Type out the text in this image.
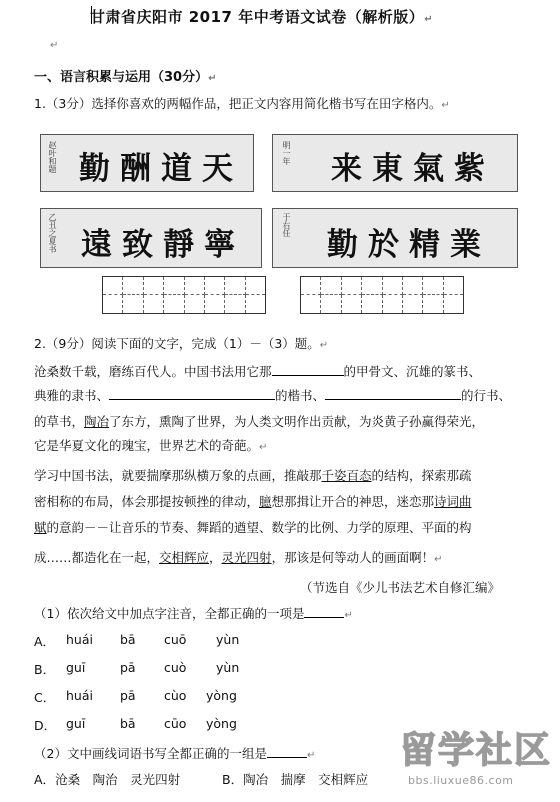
甘肃省庆阳市 2017 年中考语文试卷（解析版）↵
↵
一、语言积累与运用（30分）↵
1.（3分）选择你喜欢的两幅作品，把正文内容用简化楷书写在田字格内。↵
赵叶和题 勤酬道天	明一年 来東氣紫
乙丑之夏书 遠致靜寧
于右任
勤於精業
2.（9分）阅读下面的文字，完成（1）－（3）题。↵
沧桑数千载，磨练百代人。中国书法用它那	的甲骨文、沉雄的篆书、
典雅的隶书、	的楷书、	的行书、
的草书，陶冶了东方，熏陶了世界，为人类文明作出贡献，为炎黄子孙赢得荣光，
它是华夏文化的瑰宝，世界艺术的奇葩。↵
学习中国书法，就要揣摩那纵横万象的点画，推敲那千姿百态的结构，探索那疏
密相称的布局，体会那提按顿挫的律动，臆想那揖让开合的神思，迷恋那诗词曲
赋的意韵－－让音乐的节奏、舞蹈的遒望、数学的比例、力学的原理、平面的构
成……都造化在一起，交相辉应，灵光四射，那该是何等动人的画面啊！↵
（节选自《少儿书法艺术自修汇编》
（1）依次给文中加点字注音，全都正确的一项是	↵
A． huái bā cuō yùn
B． guī	pā cuò yùn
C． huái pā cùo yòng
D． guī	bā cūo yòng
（2）文中画线词语书写全都正确的一组是	↵
A．沧桑　陶治　灵光四射	B．陶冶　揣摩　交相辉应
留学社区
bbs.liuxue86.com
